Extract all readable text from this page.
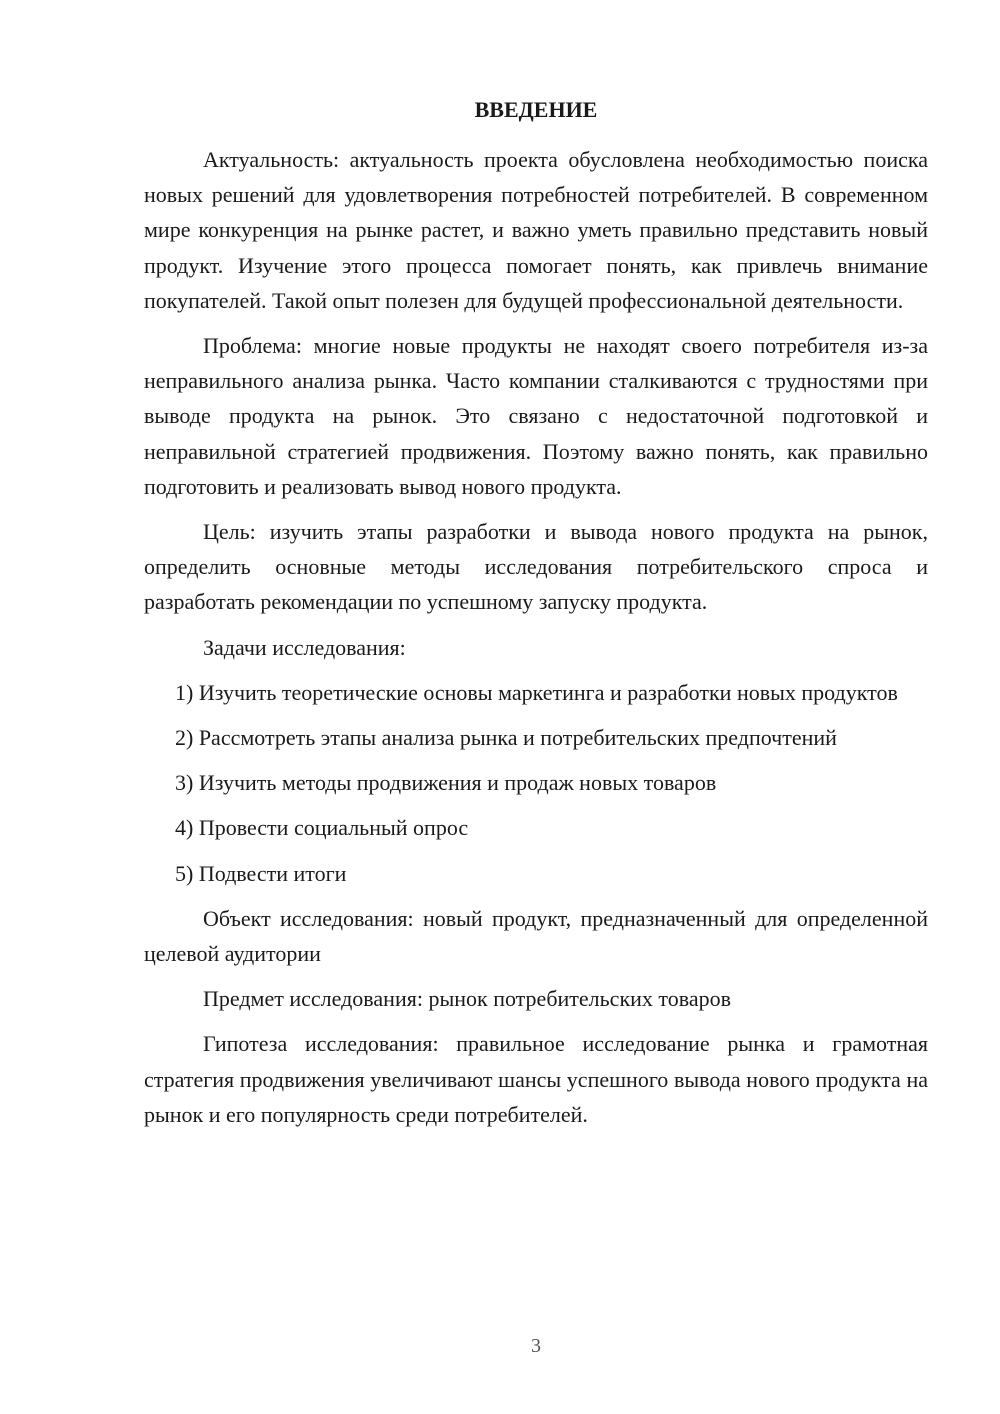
ВВЕДЕНИЕ

Актуальность: актуальность проекта обусловлена необходимостью поиска новых решений для удовлетворения потребностей потребителей. В современном мире конкуренция на рынке растет, и важно уметь правильно представить новый продукт. Изучение этого процесса помогает понять, как привлечь внимание покупателей. Такой опыт полезен для будущей профессиональной деятельности.

Проблема: многие новые продукты не находят своего потребителя из-за неправильного анализа рынка. Часто компании сталкиваются с трудностями при выводе продукта на рынок. Это связано с недостаточной подготовкой и неправильной стратегией продвижения. Поэтому важно понять, как правильно подготовить и реализовать вывод нового продукта.

Цель: изучить этапы разработки и вывода нового продукта на рынок, определить основные методы исследования потребительского спроса и разработать рекомендации по успешному запуску продукта.

Задачи исследования:

1) Изучить теоретические основы маркетинга и разработки новых продуктов

2) Рассмотреть этапы анализа рынка и потребительских предпочтений

3) Изучить методы продвижения и продаж новых товаров

4) Провести социальный опрос

5) Подвести итоги

Объект исследования: новый продукт, предназначенный для определенной целевой аудитории

Предмет исследования: рынок потребительских товаров

Гипотеза исследования: правильное исследование рынка и грамотная стратегия продвижения увеличивают шансы успешного вывода нового продукта на рынок и его популярность среди потребителей.

3
